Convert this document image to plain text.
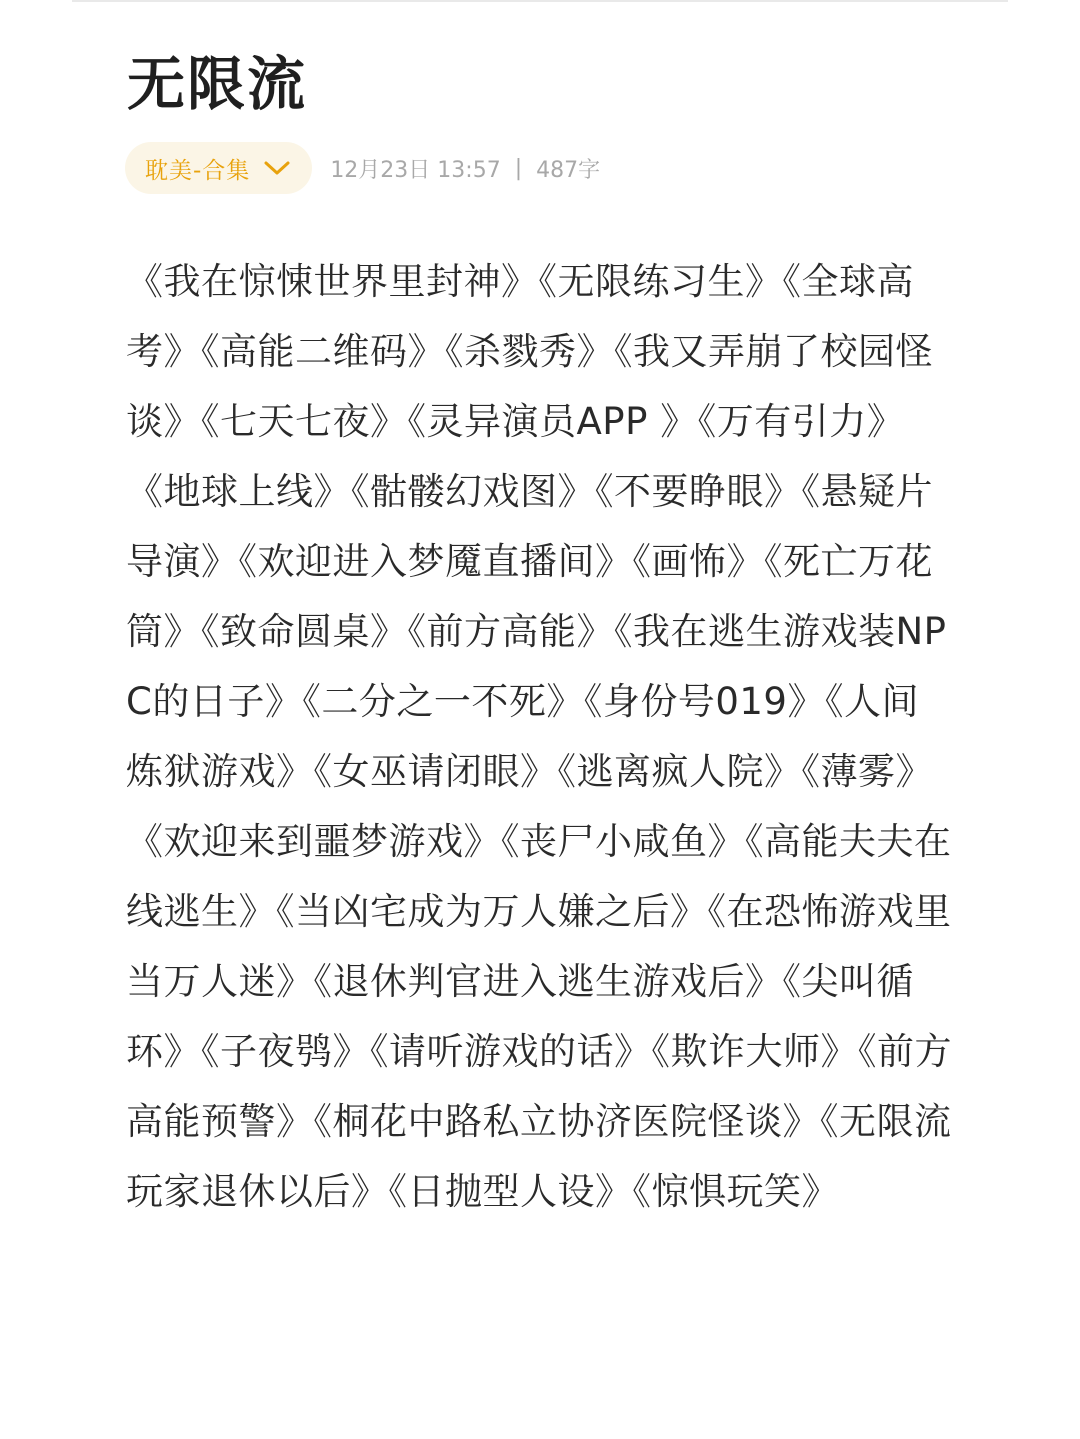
无限流
耽美-合集	12月23日 13:57 | 487字

《我在惊悚世界里封神》《无限练习生》《全球高考》《高能二维码》《杀戮秀》《我又弄崩了校园怪谈》《七天七夜》《灵异演员APP 》《万有引力》《地球上线》《骷髅幻戏图》《不要睁眼》《悬疑片导演》《欢迎进入梦魇直播间》《画怖》《死亡万花筒》《致命圆桌》《前方高能》《我在逃生游戏装NPC的日子》《二分之一不死》《身份号019》《人间炼狱游戏》《女巫请闭眼》《逃离疯人院》《薄雾》《欢迎来到噩梦游戏》《丧尸小咸鱼》《高能夫夫在线逃生》《当凶宅成为万人嫌之后》《在恐怖游戏里当万人迷》《退休判官进入逃生游戏后》《尖叫循环》《子夜鸮》《请听游戏的话》《欺诈大师》《前方高能预警》《桐花中路私立协济医院怪谈》《无限流玩家退休以后》《日抛型人设》《惊惧玩笑》
